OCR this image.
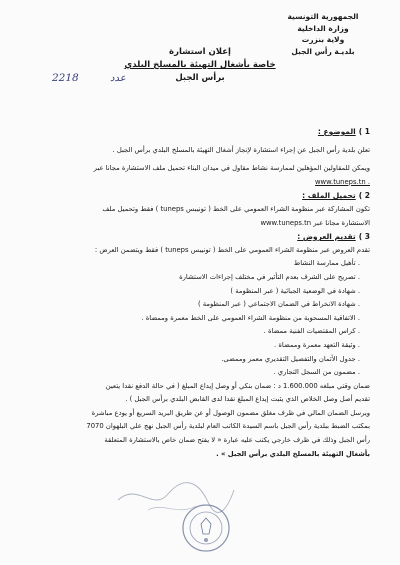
الجمهورية التونسية
وزارة الداخلية
ولاية بنزرت
بلديـة رأس الجبل
عدد
2218
إعلان استشارة
خاصة بأشغال التهيئة بالمسلخ البلدي
برأس الجبل
1 )الموضوع :
تعلن بلدية رأس الجبل عن إجراء استشارة لإنجاز أشغال التهيئة بالمسلخ البلدي برأس الجبل .
ويمكن للمقاولين المؤهلين لممارسة نشاط مقاول في ميدان البناء تحميل ملف الاستشارة مجانا عبر
www.tuneps.tn .
2 )تحميل الملف :
تكون المشاركة عبر منظومة الشراء العمومي على الخط ( تونيبس tuneps ) فقط وتحميل ملف
الاستشارة مجانا عبر www.tuneps.tn
3 )تقديم العروض :
تقدم العروض عبر منظومة الشراء العمومي على الخط ( تونيبس tuneps ) فقط ويتضمن العرض :
. تأهيل ممارسة النشاط
. تصريح على الشرف بعدم التأثير في مختلف إجراءات الاستشارة
. شهادة في الوضعية الجبائية ( عبر المنظومة )
. شهادة الانخراط في الضمان الاجتماعي ( عبر المنظومة )
. الاتفاقية المسحوبة من منظومة الشراء العمومي على الخط معمرة وممضاة .
. كراس المقتضيات الفنية ممضاة .
. وثيقة التعهد معمرة وممضاة .
. جدول الأثمان والتفصيل التقديري معمر وممضى.
. مضمون من السجل التجاري .
ضمان وقتي مبلغه 1.600.000 د : ضمان بنكي أو وصل إيداع المبلغ ( في حالة الدفع نقدا يتعين
تقديم أصل وصل الخلاص الذي يثبت إيداع المبلغ نقدا لدى القابض البلدي برأس الجبل ) .
ويرسل الضمان المالي في ظرف مغلق مضمون الوصول أو عن طريق البريد السريع أو يودع مباشرة
بمكتب الضبط ببلدية رأس الجبل باسم السيدة الكاتب العام لبلدية رأس الجبل نهج علي البلهوان 7070
رأس الجبل وذلك في ظرف خارجي يكتب عليه عبارة « لا يفتح ضمان خاص بالاستشارة المتعلقة
بأشغال التهيئة بالمسلخ البلدي برأس الجبل » .
